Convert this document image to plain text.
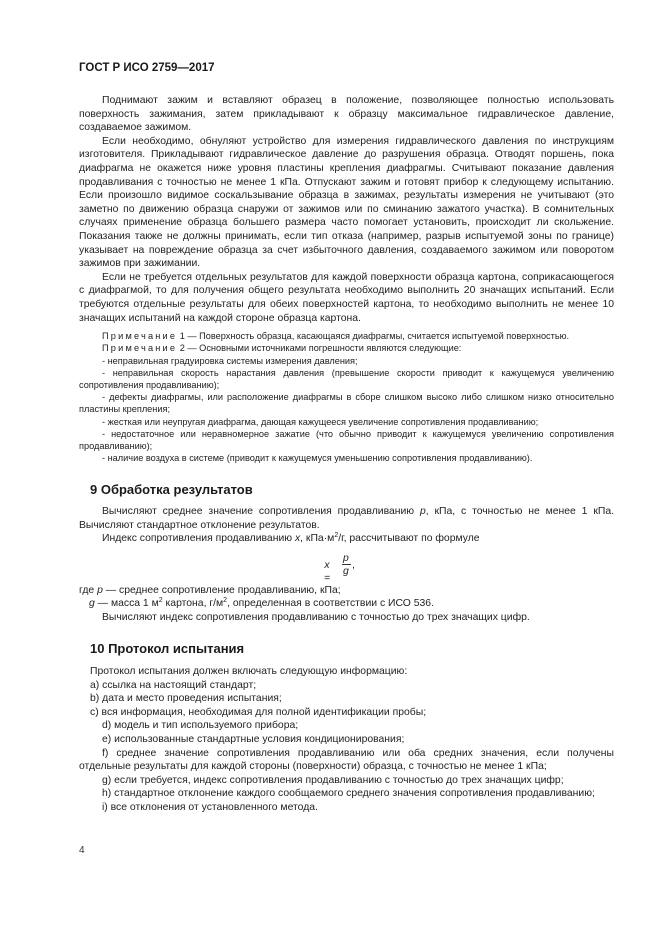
ГОСТ Р ИСО 2759—2017

Поднимают зажим и вставляют образец в положение, позволяющее полностью использовать поверхность зажимания, затем прикладывают к образцу максимальное гидравлическое давление, создаваемое зажимом.

Если необходимо, обнуляют устройство для измерения гидравлического давления по инструкциям изготовителя. Прикладывают гидравлическое давление до разрушения образца. Отводят поршень, пока диафрагма не окажется ниже уровня пластины крепления диафрагмы. Считывают показание давления продавливания с точностью не менее 1 кПа. Отпускают зажим и готовят прибор к следующему испытанию. Если произошло видимое соскальзывание образца в зажимах, результаты измерения не учитывают (это заметно по движению образца снаружи от зажимов или по сминанию зажатого участка). В сомнительных случаях применение образца большего размера часто помогает установить, происходит ли скольжение. Показания также не должны принимать, если тип отказа (например, разрыв испытуемой зоны по границе) указывает на повреждение образца за счет избыточного давления, создаваемого зажимом или поворотом зажимов при зажимании.

Если не требуется отдельных результатов для каждой поверхности образца картона, соприкасающегося с диафрагмой, то для получения общего результата необходимо выполнить 20 значащих испытаний. Если требуются отдельные результаты для обеих поверхностей картона, то необходимо выполнить не менее 10 значащих испытаний на каждой стороне образца картона.

Примечание 1 — Поверхность образца, касающаяся диафрагмы, считается испытуемой поверхностью.

Примечание 2 — Основными источниками погрешности являются следующие:

- неправильная градуировка системы измерения давления;

- неправильная скорость нарастания давления (превышение скорости приводит к кажущемуся увеличению сопротивления продавливанию);

- дефекты диафрагмы, или расположение диафрагмы в сборе слишком высоко либо слишком низко относительно пластины крепления;

- жесткая или неупругая диафрагма, дающая кажущееся увеличение сопротивления продавливанию;

- недостаточное или неравномерное зажатие (что обычно приводит к кажущемуся увеличению сопротивления продавливанию);

- наличие воздуха в системе (приводит к кажущемуся уменьшению сопротивления продавливанию).

9 Обработка результатов

Вычисляют среднее значение сопротивления продавливанию p, кПа, с точностью не менее 1 кПа. Вычисляют стандартное отклонение результатов.

Индекс сопротивления продавливанию x, $кПа\cdot м^2/г$, рассчитывают по формуле

x =
p
g
,

где p — среднее сопротивление продавливанию, кПа;

g — масса 1 $м^2$ картона, $г/м^2$, определенная в соответствии с ИСО 536.

Вычисляют индекс сопротивления продавливанию с точностью до трех значащих цифр.

10 Протокол испытания

Протокол испытания должен включать следующую информацию:

a) ссылка на настоящий стандарт;

b) дата и место проведения испытания;

c) вся информация, необходимая для полной идентификации пробы;

d) модель и тип используемого прибора;

e) использованные стандартные условия кондиционирования;

f) среднее значение сопротивления продавливанию или оба средних значения, если получены отдельные результаты для каждой стороны (поверхности) образца, с точностью не менее 1 кПа;

g) если требуется, индекс сопротивления продавливанию с точностью до трех значащих цифр;

h) стандартное отклонение каждого сообщаемого среднего значения сопротивления продавливанию;

i) все отклонения от установленного метода.

4
